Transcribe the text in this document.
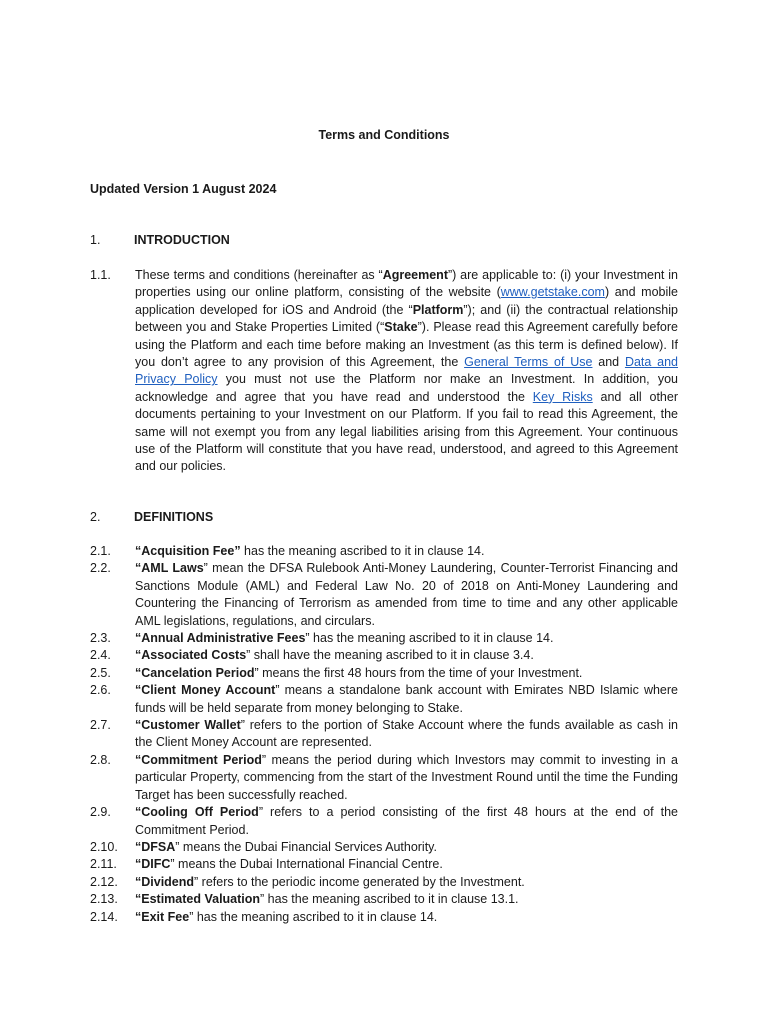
Terms and Conditions
Updated Version 1 August 2024
1.	INTRODUCTION
1.1.	These terms and conditions (hereinafter as “Agreement”) are applicable to: (i) your Investment in properties using our online platform, consisting of the website (www.getstake.com) and mobile application developed for iOS and Android (the “Platform”); and (ii) the contractual relationship between you and Stake Properties Limited (“Stake”). Please read this Agreement carefully before using the Platform and each time before making an Investment (as this term is defined below). If you don’t agree to any provision of this Agreement, the General Terms of Use and Data and Privacy Policy you must not use the Platform nor make an Investment. In addition, you acknowledge and agree that you have read and understood the Key Risks and all other documents pertaining to your Investment on our Platform. If you fail to read this Agreement, the same will not exempt you from any legal liabilities arising from this Agreement. Your continuous use of the Platform will constitute that you have read, understood, and agreed to this Agreement and our policies.
2.	DEFINITIONS
2.1.	“Acquisition Fee” has the meaning ascribed to it in clause 14.
2.2.	“AML Laws” mean the DFSA Rulebook Anti-Money Laundering, Counter-Terrorist Financing and Sanctions Module (AML) and Federal Law No. 20 of 2018 on Anti-Money Laundering and Countering the Financing of Terrorism as amended from time to time and any other applicable AML legislations, regulations, and circulars.
2.3.	“Annual Administrative Fees” has the meaning ascribed to it in clause 14.
2.4.	“Associated Costs” shall have the meaning ascribed to it in clause 3.4.
2.5.	“Cancelation Period” means the first 48 hours from the time of your Investment.
2.6.	“Client Money Account” means a standalone bank account with Emirates NBD Islamic where funds will be held separate from money belonging to Stake.
2.7.	“Customer Wallet” refers to the portion of Stake Account where the funds available as cash in the Client Money Account are represented.
2.8.	“Commitment Period” means the period during which Investors may commit to investing in a particular Property, commencing from the start of the Investment Round until the time the Funding Target has been successfully reached.
2.9.	“Cooling Off Period” refers to a period consisting of the first 48 hours at the end of the Commitment Period.
2.10.	“DFSA” means the Dubai Financial Services Authority.
2.11.	“DIFC” means the Dubai International Financial Centre.
2.12.	“Dividend” refers to the periodic income generated by the Investment.
2.13.	“Estimated Valuation” has the meaning ascribed to it in clause 13.1.
2.14.	“Exit Fee” has the meaning ascribed to it in clause 14.
